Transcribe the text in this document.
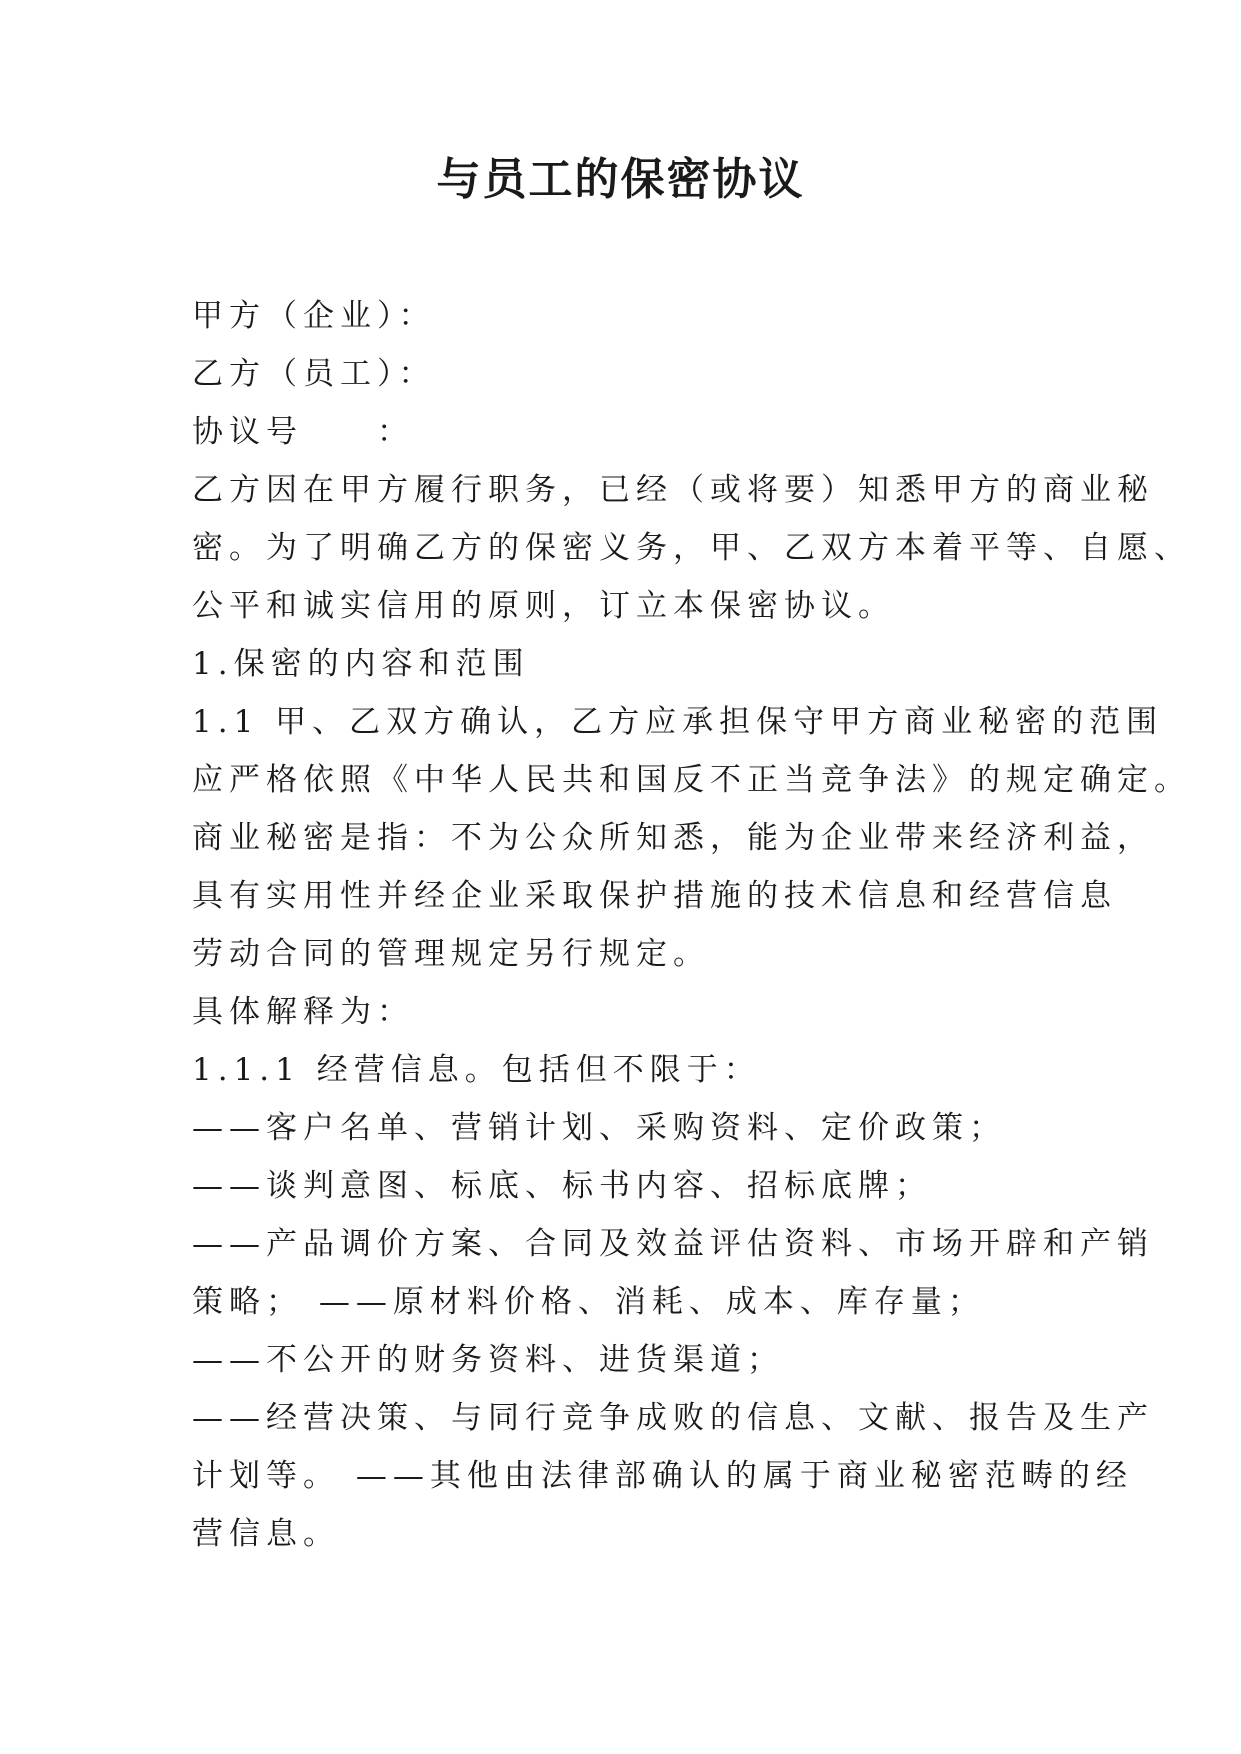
与员工的保密协议
甲方（企业）：
乙方（员工）：
协议号 ：
乙方因在甲方履行职务，已经（或将要）知悉甲方的商业秘
密。为了明确乙方的保密义务，甲、乙双方本着平等、自愿、
公平和诚实信用的原则，订立本保密协议。
1.保密的内容和范围
1.1 甲、乙双方确认，乙方应承担保守甲方商业秘密的范围
应严格依照《中华人民共和国反不正当竞争法》的规定确定。
商业秘密是指：不为公众所知悉，能为企业带来经济利益，
具有实用性并经企业采取保护措施的技术信息和经营信息
劳动合同的管理规定另行规定。
具体解释为：
1.1.1 经营信息。包括但不限于：
——客户名单、营销计划、采购资料、定价政策；
——谈判意图、标底、标书内容、招标底牌；
——产品调价方案、合同及效益评估资料、市场开辟和产销
策略； ——原材料价格、消耗、成本、库存量；
——不公开的财务资料、进货渠道；
——经营决策、与同行竞争成败的信息、文献、报告及生产
计划等。 ——其他由法律部确认的属于商业秘密范畴的经
营信息。
